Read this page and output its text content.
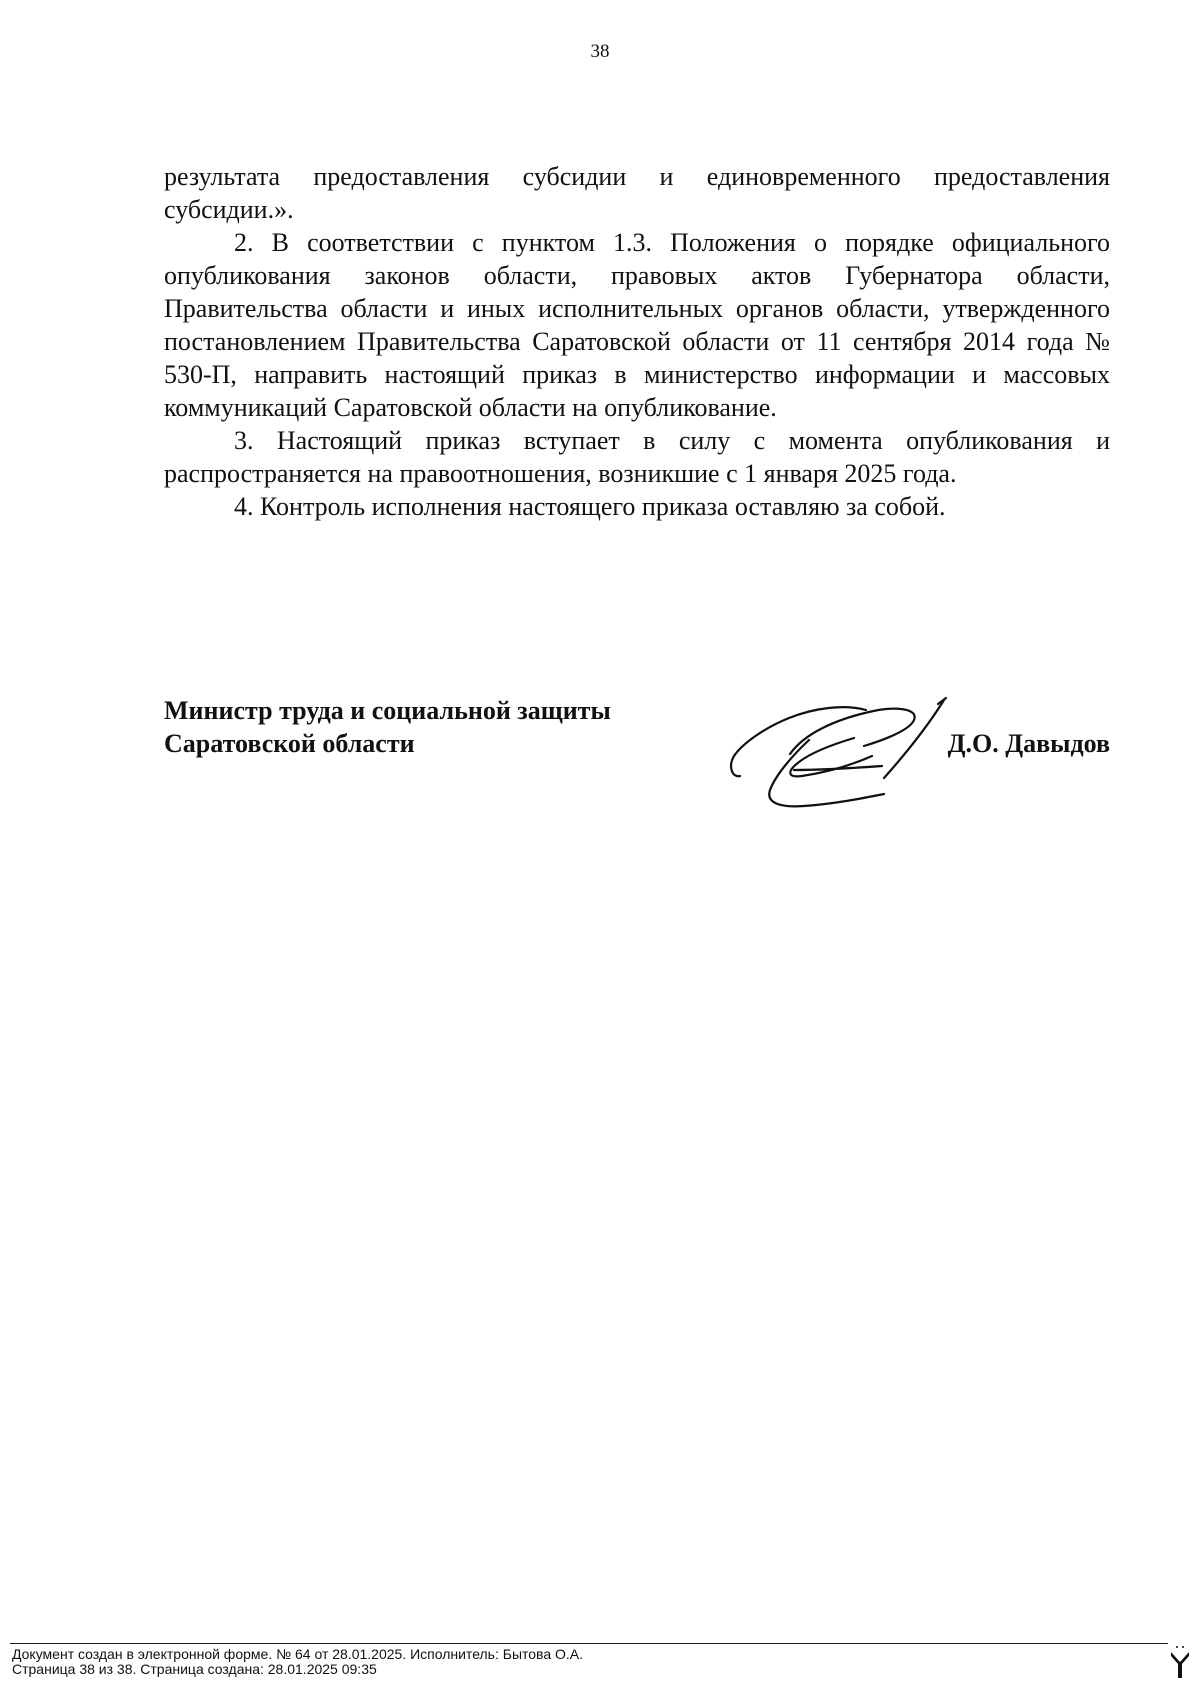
38

результата предоставления субсидии и единовременного предоставления субсидии.».

2. В соответствии с пунктом 1.3. Положения о порядке официального опубликования законов области, правовых актов Губернатора области, Правительства области и иных исполнительных органов области, утвержденного постановлением Правительства Саратовской области от 11 сентября 2014 года № 530-П, направить настоящий приказ в министерство информации и массовых коммуникаций Саратовской области на опубликование.

3. Настоящий приказ вступает в силу с момента опубликования и распространяется на правоотношения, возникшие с 1 января 2025 года.

4. Контроль исполнения настоящего приказа оставляю за собой.

Министр труда и социальной защиты
Саратовской области	Д.О. Давыдов
Документ создан в электронной форме. № 64 от 28.01.2025. Исполнитель: Бытова О.А.
Страница 38 из 38. Страница создана: 28.01.2025 09:35
